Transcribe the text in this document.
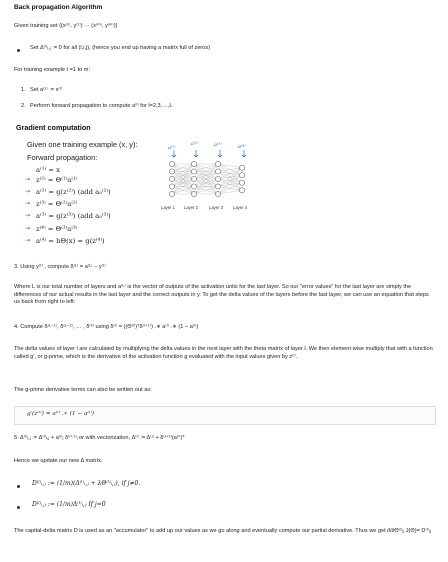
Back propagation Algorithm
Given training set {(x⁽¹⁾, y⁽¹⁾) ··· (x⁽ᵐ⁾, y⁽ᵐ⁾)}
Set Δ⁽ˡ⁾ᵢ,ⱼ := 0 for all (l,i,j), (hence you end up having a matrix full of zeros)
For training example t =1 to m:
1. Set a⁽¹⁾ := x⁽ᵗ⁾
2. Perform forward propagation to compute a⁽ˡ⁾ for l=2,3,…,L
Gradient computation
Given one training example (x, y):
Forward propagation:
a⁽¹⁾ = x
→ z⁽²⁾ = Θ⁽¹⁾a⁽¹⁾
→ a⁽²⁾ = g(z⁽²⁾) (add a₀⁽²⁾)
→ z⁽³⁾ = Θ⁽²⁾a⁽²⁾
→ a⁽³⁾ = g(z⁽³⁾) (add a₀⁽³⁾)
→ z⁽⁴⁾ = Θ⁽³⁾a⁽³⁾
→ a⁽⁴⁾ = hΘ(x) = g(z⁽⁴⁾)
a⁽¹⁾
a⁽²⁾	a⁽³⁾	a⁽⁴⁾
Layer 1 Layer 2	Layer 3 Layer 4
3. Using y⁽ᵗ⁾ , compute δ⁽ᴸ⁾ = a⁽ᴸ⁾ − y⁽ᵗ⁾
Where L is our total number of layers and a⁽ᴸ⁾ is the vector of outputs of the activation units for the last layer. So our "error values" for the last layer are simply the differences of our actual results in the last layer and the correct outputs in y. To get the delta values of the layers before the last layer, we can use an equation that steps us back from right to left:
4. Compute δ⁽ᴸ⁻¹⁾, δ⁽ᴸ⁻²⁾, … , δ⁽²⁾ using δ⁽ˡ⁾ = ((Θ⁽ˡ⁾)ᵀδ⁽ˡ⁺¹⁾) .∗ a⁽ˡ⁾ .∗ (1 − a⁽ˡ⁾)
The delta values of layer l are calculated by multiplying the delta values in the next layer with the theta matrix of layer l. We then element-wise multiply that with a function called g', or g-prime, which is the derivative of the activation function g evaluated with the input values given by z⁽ˡ⁾.
The g-prime derivative terms can also be written out as:
g′(z⁽ˡ⁾) = a⁽ˡ⁾ .∗ (1 − a⁽ˡ⁾)
5. Δ⁽ˡ⁾ᵢ,ⱼ := Δ⁽ˡ⁾ᵢ,ⱼ + a⁽ˡ⁾ⱼ δ⁽ˡ⁺¹⁾ᵢ or with vectorization, Δ⁽ˡ⁾ := Δ⁽ˡ⁾ + δ⁽ˡ⁺¹⁾(a⁽ˡ⁾)ᵀ
Hence we update our new Δ matrix.
D⁽ˡ⁾ᵢ,ⱼ := (1/m)(Δ⁽ˡ⁾ᵢ,ⱼ + λΘ⁽ˡ⁾ᵢ,ⱼ), if j≠0.
D⁽ˡ⁾ᵢ,ⱼ := (1/m)Δ⁽ˡ⁾ᵢ,ⱼ If j=0
The capital-delta matrix D is used as an "accumulator" to add up our values as we go along and eventually compute our partial derivative. Thus we get ∂/∂Θ⁽ˡ⁾ᵢⱼ J(Θ)= D⁽ˡ⁾ᵢⱼ
